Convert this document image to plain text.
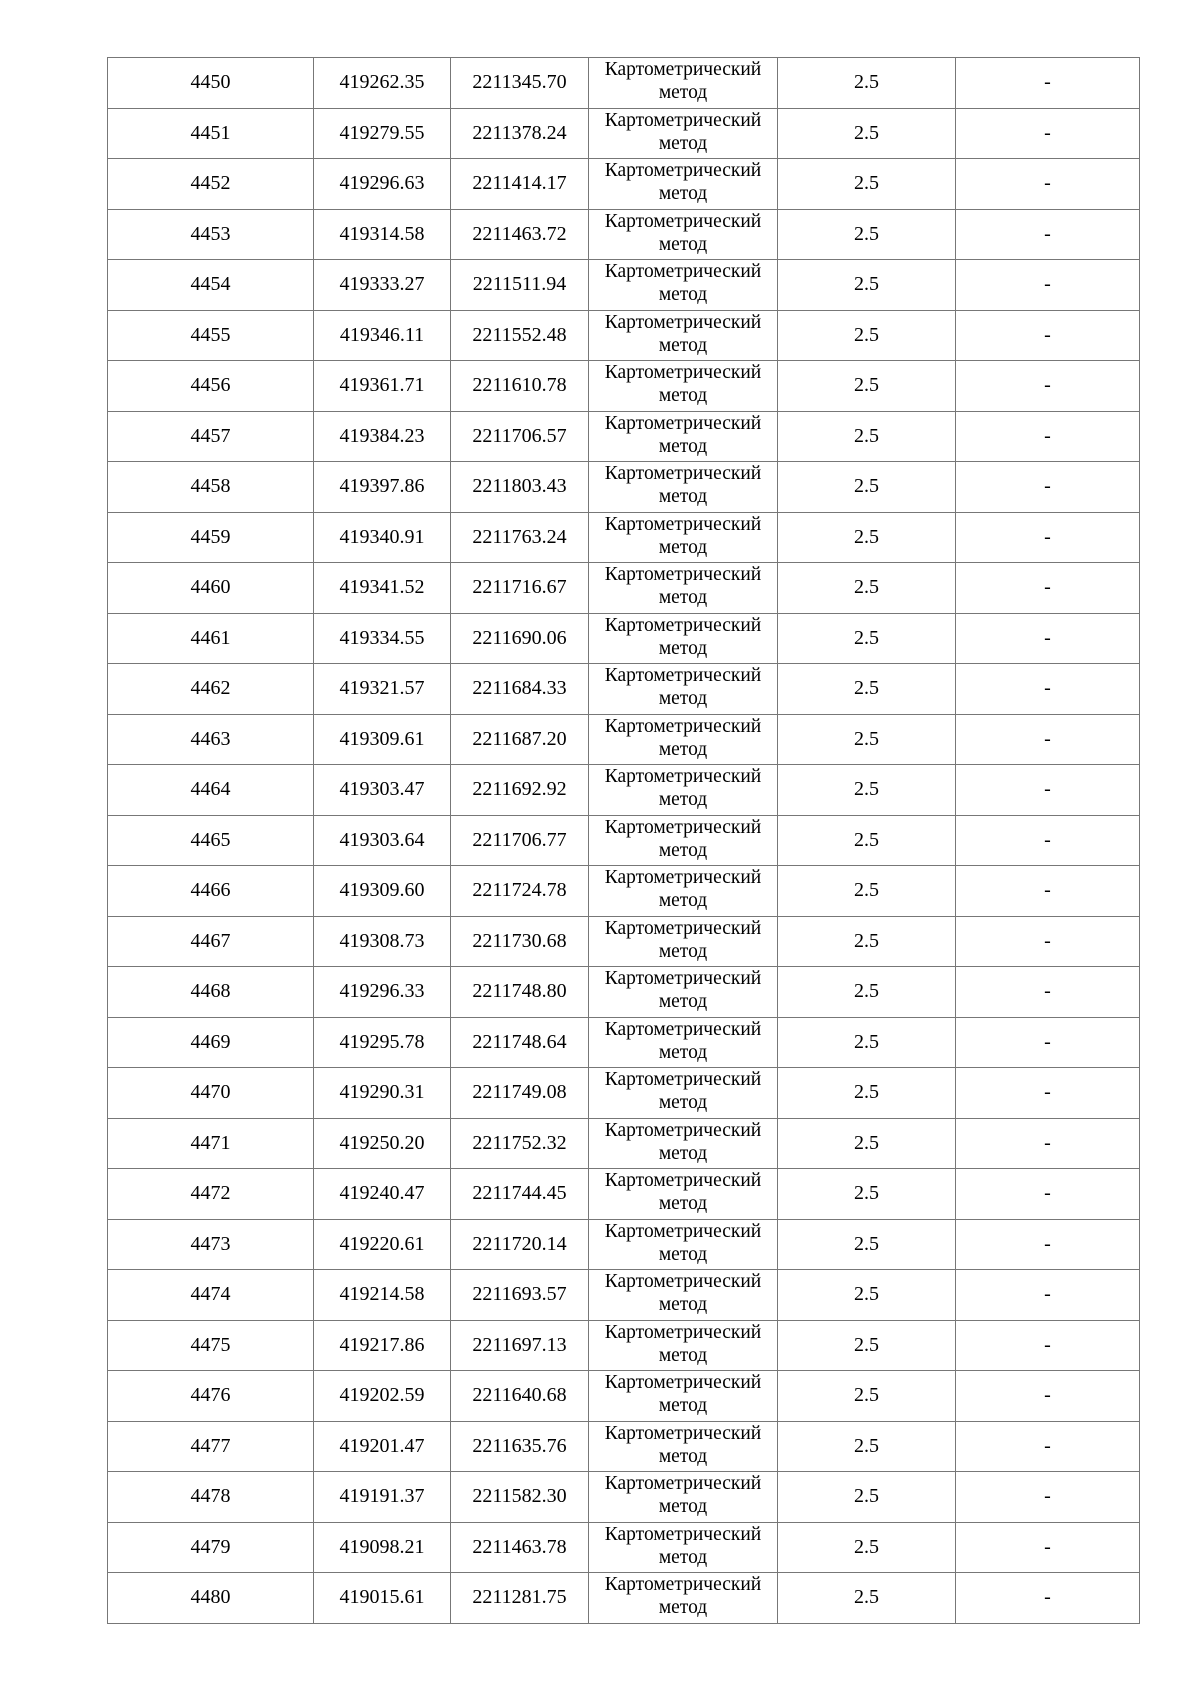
4450	419262.35	2211345.70	Картометрический метод	2.5	-
4451	419279.55	2211378.24	Картометрический метод	2.5	-
4452	419296.63	2211414.17	Картометрический метод	2.5	-
4453	419314.58	2211463.72	Картометрический метод	2.5	-
4454	419333.27	2211511.94	Картометрический метод	2.5	-
4455	419346.11	2211552.48	Картометрический метод	2.5	-
4456	419361.71	2211610.78	Картометрический метод	2.5	-
4457	419384.23	2211706.57	Картометрический метод	2.5	-
4458	419397.86	2211803.43	Картометрический метод	2.5	-
4459	419340.91	2211763.24	Картометрический метод	2.5	-
4460	419341.52	2211716.67	Картометрический метод	2.5	-
4461	419334.55	2211690.06	Картометрический метод	2.5	-
4462	419321.57	2211684.33	Картометрический метод	2.5	-
4463	419309.61	2211687.20	Картометрический метод	2.5	-
4464	419303.47	2211692.92	Картометрический метод	2.5	-
4465	419303.64	2211706.77	Картометрический метод	2.5	-
4466	419309.60	2211724.78	Картометрический метод	2.5	-
4467	419308.73	2211730.68	Картометрический метод	2.5	-
4468	419296.33	2211748.80	Картометрический метод	2.5	-
4469	419295.78	2211748.64	Картометрический метод	2.5	-
4470	419290.31	2211749.08	Картометрический метод	2.5	-
4471	419250.20	2211752.32	Картометрический метод	2.5	-
4472	419240.47	2211744.45	Картометрический метод	2.5	-
4473	419220.61	2211720.14	Картометрический метод	2.5	-
4474	419214.58	2211693.57	Картометрический метод	2.5	-
4475	419217.86	2211697.13	Картометрический метод	2.5	-
4476	419202.59	2211640.68	Картометрический метод	2.5	-
4477	419201.47	2211635.76	Картометрический метод	2.5	-
4478	419191.37	2211582.30	Картометрический метод	2.5	-
4479	419098.21	2211463.78	Картометрический метод	2.5	-
4480	419015.61	2211281.75	Картометрический метод	2.5	-
